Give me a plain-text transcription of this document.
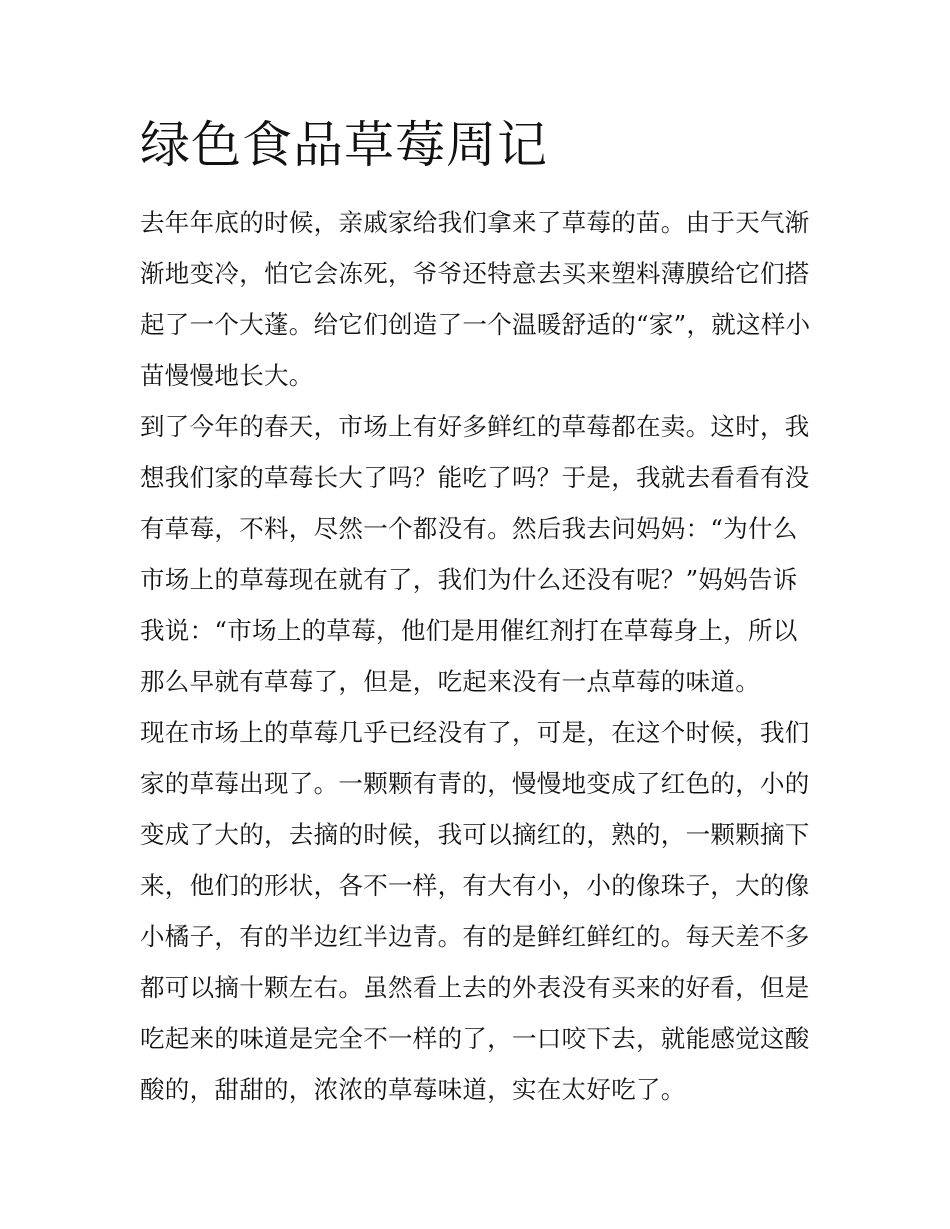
绿色食品草莓周记
去年年底的时候，亲戚家给我们拿来了草莓的苗。由于天气渐
渐地变冷，怕它会冻死，爷爷还特意去买来塑料薄膜给它们搭
起了一个大蓬。给它们创造了一个温暖舒适的“家”，就这样小
苗慢慢地长大。
到了今年的春天，市场上有好多鲜红的草莓都在卖。这时，我
想我们家的草莓长大了吗？能吃了吗？于是，我就去看看有没
有草莓，不料，尽然一个都没有。然后我去问妈妈：“为什么
市场上的草莓现在就有了，我们为什么还没有呢？”妈妈告诉
我说：“市场上的草莓，他们是用催红剂打在草莓身上，所以
那么早就有草莓了，但是，吃起来没有一点草莓的味道。
现在市场上的草莓几乎已经没有了，可是，在这个时候，我们
家的草莓出现了。一颗颗有青的，慢慢地变成了红色的，小的
变成了大的，去摘的时候，我可以摘红的，熟的，一颗颗摘下
来，他们的形状，各不一样，有大有小，小的像珠子，大的像
小橘子，有的半边红半边青。有的是鲜红鲜红的。每天差不多
都可以摘十颗左右。虽然看上去的外表没有买来的好看，但是
吃起来的味道是完全不一样的了，一口咬下去，就能感觉这酸
酸的，甜甜的，浓浓的草莓味道，实在太好吃了。
